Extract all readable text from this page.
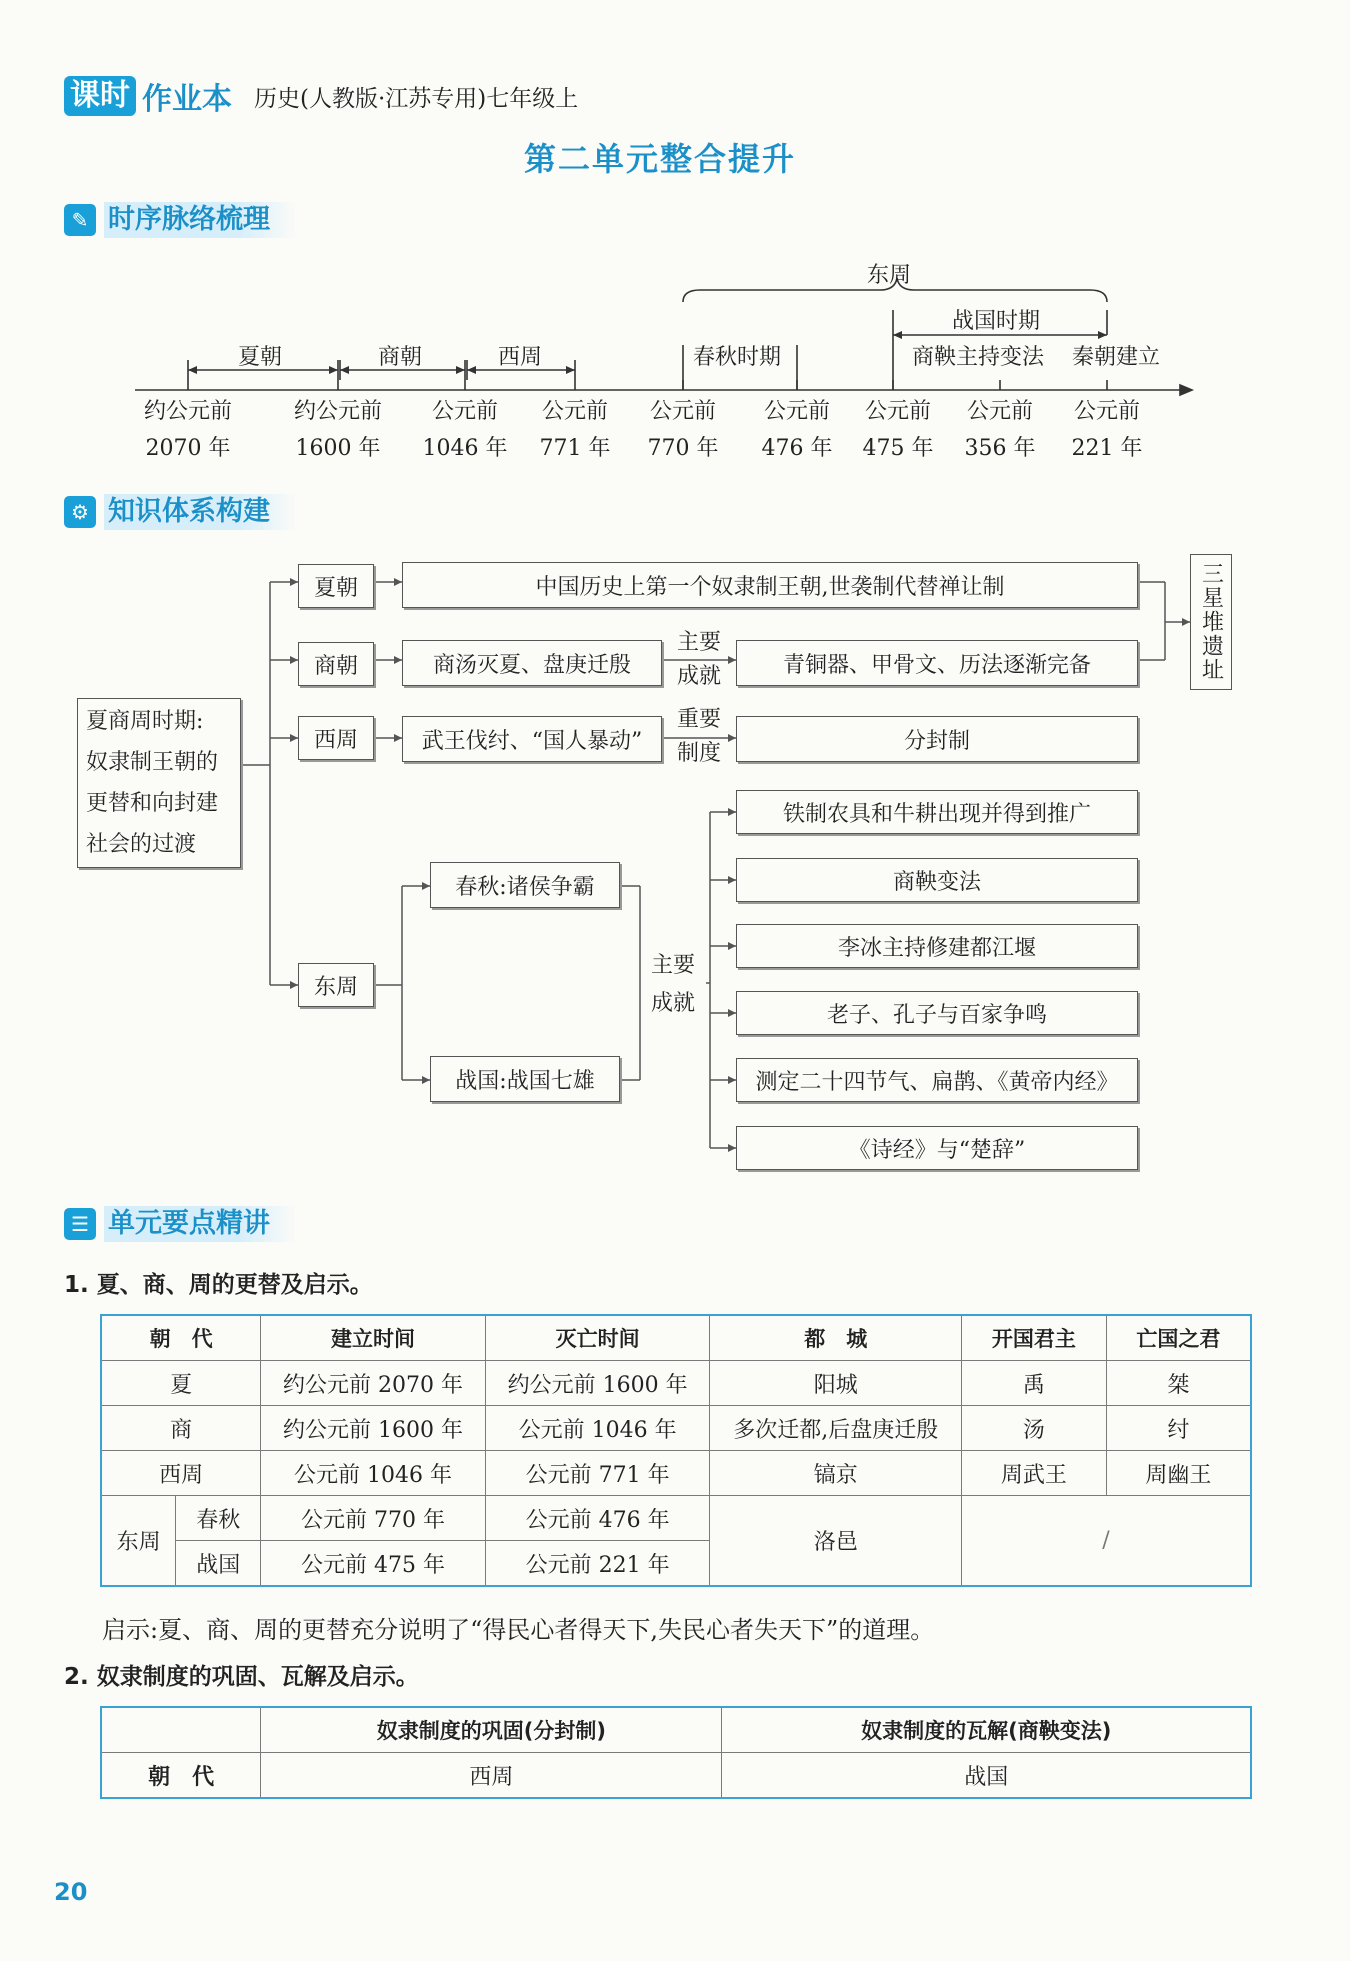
课时 作业本 历史(人教版·江苏专用)七年级上
第二单元整合提升
✎ 时序脉络梳理
东周
夏朝	商朝	西周	春秋时期
战国时期
商鞅主持变法 秦朝建立
约公元前
2070 年
约公元前
1600 年
公元前
1046 年
公元前
771 年
公元前
770 年
公元前
476 年
公元前
475 年
公元前
356 年
公元前
221 年
⚙ 知识体系构建
夏商周时期:
奴隶制王朝的
更替和向封建
社会的过渡
夏朝
商朝
西周
东周
中国历史上第一个奴隶制王朝,世袭制代替禅让制
商汤灭夏、盘庚迁殷
主要
成就	青铜器、甲骨文、历法逐渐完备	三星堆遗址
武王伐纣、“国人暴动”
重要
制度	分封制
春秋:诸侯争霸
战国:战国七雄
主要
成就
铁制农具和牛耕出现并得到推广
商鞅变法
李冰主持修建都江堰
老子、孔子与百家争鸣
测定二十四节气、扁鹊、《黄帝内经》
《诗经》与“楚辞”
☰ 单元要点精讲
1. 夏、商、周的更替及启示。
朝　代		建立时间	灭亡时间	都　城	开国君主	亡国之君
夏		约公元前 2070 年	约公元前 1600 年	阳城	禹	桀
商		约公元前 1600 年	公元前 1046 年	多次迁都,后盘庚迁殷	汤	纣
西周		公元前 1046 年	公元前 771 年	镐京	周武王	周幽王
东周	春秋	公元前 770 年	公元前 476 年	洛邑	/	
	战国	公元前 475 年	公元前 221 年			
启示:夏、商、周的更替充分说明了“得民心者得天下,失民心者失天下”的道理。
2. 奴隶制度的巩固、瓦解及启示。
	奴隶制度的巩固(分封制)	奴隶制度的瓦解(商鞅变法)
朝　代	西周	战国
20
